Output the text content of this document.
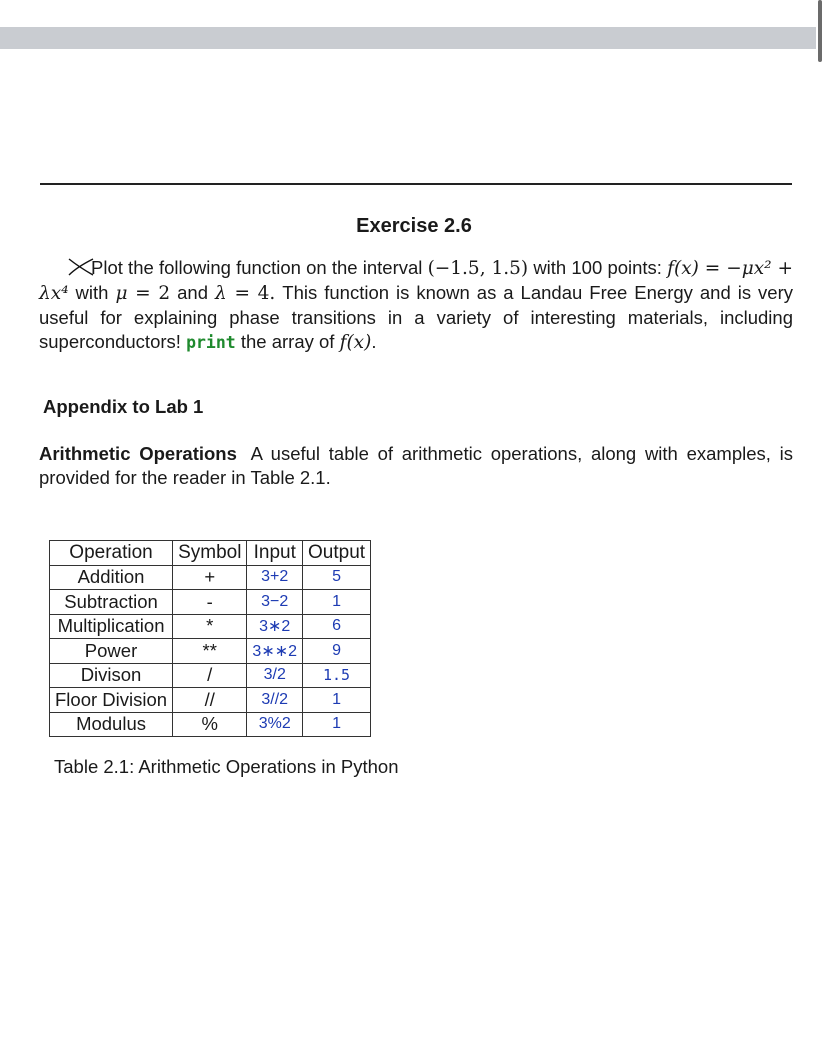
Exercise 2.6
Plot the following function on the interval (−1.5, 1.5) with 100 points: f(x) = −μx² + λx⁴ with μ = 2 and λ = 4. This function is known as a Landau Free Energy and is very useful for explaining phase transitions in a variety of interesting materials, including superconductors! print the array of f(x).
Appendix to Lab 1
Arithmetic Operations A useful table of arithmetic operations, along with examples, is provided for the reader in Table 2.1.
Operation	Symbol	Input	Output
Addition	+	3+2	5
Subtraction	-	3−2	1
Multiplication	*	3∗2	6
Power	**	3∗∗2	9
Divison	/	3/2	1.5
Floor Division	//	3//2	1
Modulus	%	3%2	1
Table 2.1: Arithmetic Operations in Python
